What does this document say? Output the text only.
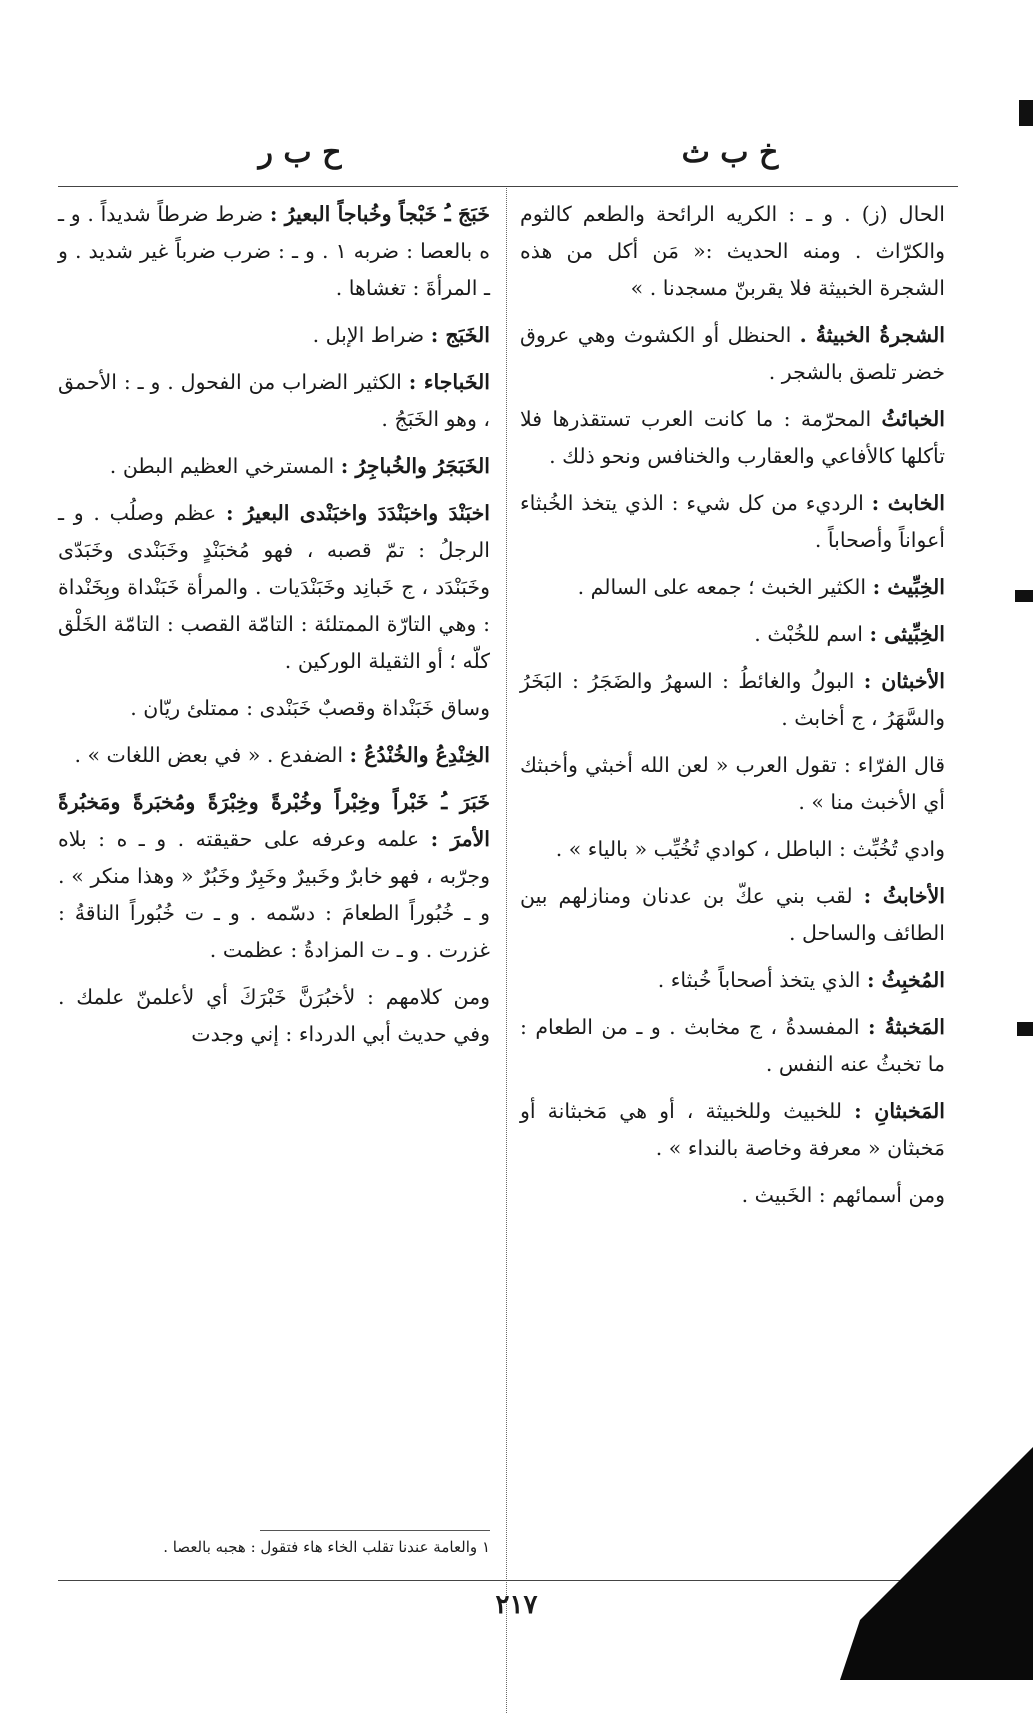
خ ب ث
ح ب ر

الحال (ز) . و ـ : الكريه الرائحة والطعم كالثوم والكرّاث . ومنه الحديث :« مَن أكل من هذه الشجرة الخبيثة فلا يقربنّ مسجدنا . »

الشجرةُ الخبيثةُ . الحنظل أو الكشوث وهي عروق خضر تلصق بالشجر .

الخبائثُ المحرّمة : ما كانت العرب تستقذرها فلا تأكلها كالأفاعي والعقارب والخنافس ونحو ذلك .

الخابث : الرديء من كل شيء : الذي يتخذ الخُبثاء أعواناً وأصحاباً .

الخِبِّيث : الكثير الخبث ؛ جمعه على السالم .

الخِبِّيثى : اسم للخُبْث .

الأخبثان : البولُ والغائطُ : السهرُ والضَجَرُ : البَخَرُ والسَّهَرُ ، ج أخابث .

قال الفرّاء : تقول العرب « لعن الله أخبثي وأخبثك أي الأخبث منا » .

وادي تُخُبِّث : الباطل ، كوادي تُخُيِّب « بالياء » .

الأخابثُ : لقب بني عكّ بن عدنان ومنازلهم بين الطائف والساحل .

المُخبِثُ : الذي يتخذ أصحاباً خُبثاء .

المَخبثةُ : المفسدةُ ، ج مخابث . و ـ من الطعام : ما تخبثُ عنه النفس .

المَخبثانِ : للخبيث وللخبيثة ، أو هي مَخبثانة أو مَخبثان « معرفة وخاصة بالنداء » .

ومن أسمائهم : الخَبيث .

خَبَجَ ـُ خَبْجاً وخُباجاً البعيرُ : ضرط ضرطاً شديداً . و ـ ه بالعصا : ضربه ١ . و ـ : ضرب ضرباً غير شديد . و ـ المرأةَ : تغشاها .

الخَبَج : ضراط الإبل .

الخَباجاء : الكثير الضراب من الفحول . و ـ : الأحمق ، وهو الخَبَجُ .

الخَبَجَرُ والخُباجِرُ : المسترخي العظيم البطن .

اخبَنْدَ واخبَنْدَدَ واخبَنْدى البعيرُ : عظم وصلُب . و ـ الرجلُ : تمّ قصبه ، فهو مُخبَنْدٍ وخَبَنْدى وخَبَدّى وخَبَنْدَد ، ج خَبانِد وخَبَنْدَيات . والمرأة خَبَنْداة وبِخَنْداة : وهي التارّة الممتلئة : التامّة القصب : التامّة الخَلْق كلّه ؛ أو الثقيلة الوركين .

وساق خَبَنْداة وقصبٌ خَبَنْدى : ممتلئ ريّان .

الخِنْدِعُ والخُنْدُعُ : الضفدع . « في بعض اللغات » .

خَبَرَ ـُ خَبْراً وخِبْراً وخُبْرةً وخِبْرَةً ومُخبَرةً ومَخبُرةً الأمرَ : علمه وعرفه على حقيقته . و ـ ه : بلاه وجرّبه ، فهو خابرٌ وخَبيرٌ وخَبِرٌ وخَبُرٌ « وهذا منكر » . و ـ خُبُوراً الطعامَ : دسّمه . و ـ ت خُبُوراً الناقةُ : غزرت . و ـ ت المزادةُ : عظمت .

ومن كلامهم : لأخبُرَنَّ خَبْرَكَ أي لأعلمنّ علمك . وفي حديث أبي الدرداء : إني وجدت

١ والعامة عندنا تقلب الخاء هاء فتقول : هجبه بالعصا .
٢١٧
